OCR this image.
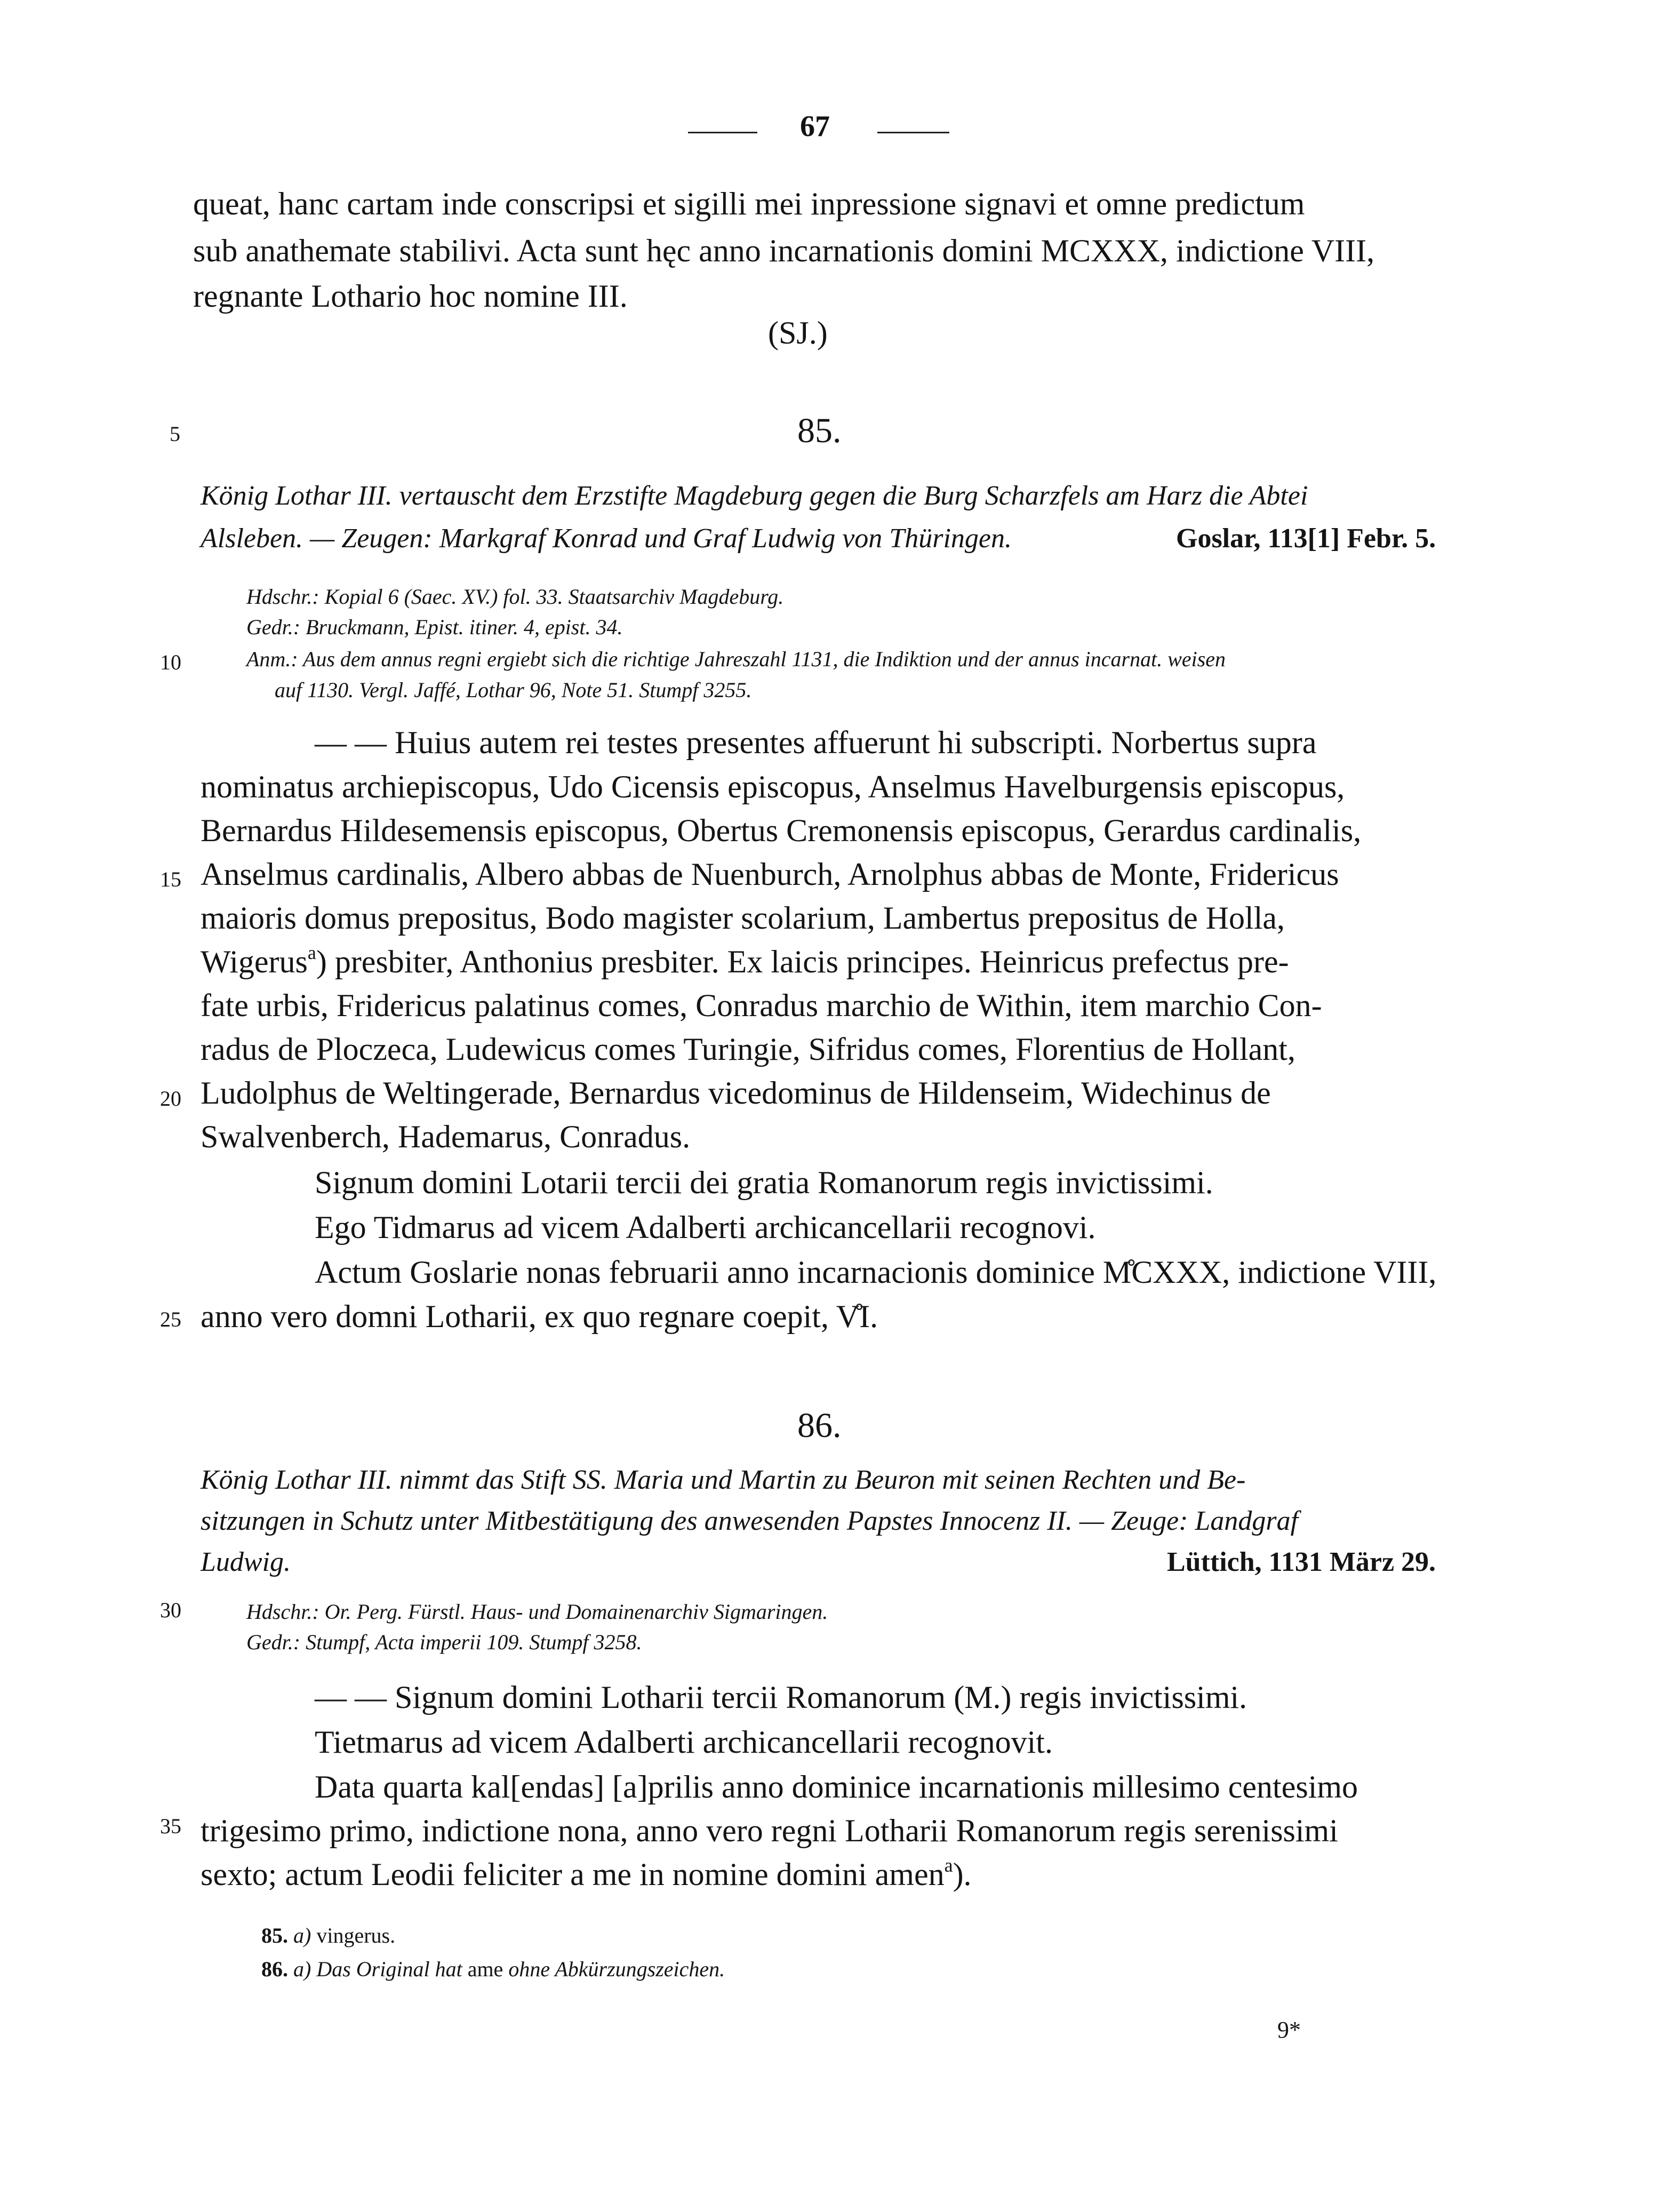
67
queat, hanc cartam inde conscripsi et sigilli mei inpressione signavi et omne predictum
sub anathemate stabilivi. Acta sunt hęc anno incarnationis domini MCXXX, indictione VIII,
regnante Lothario hoc nomine III.
(SJ.)
5
10
15
20
25
30
35
85.
König Lothar III. vertauscht dem Erzstifte Magdeburg gegen die Burg Scharzfels am Harz die Abtei
Alsleben. — Zeugen: Markgraf Konrad und Graf Ludwig von Thüringen.	Goslar, 113[1] Febr. 5.
Hdschr.: Kopial 6 (Saec. XV.) fol. 33. Staatsarchiv Magdeburg.
Gedr.: Bruckmann, Epist. itiner. 4, epist. 34.
Anm.: Aus dem annus regni ergiebt sich die richtige Jahreszahl 1131, die Indiktion und der annus incarnat. weisen
auf 1130. Vergl. Jaffé, Lothar 96, Note 51. Stumpf 3255.
— — Huius autem rei testes presentes affuerunt hi subscripti. Norbertus supra
nominatus archiepiscopus, Udo Cicensis episcopus, Anselmus Havelburgensis episcopus,
Bernardus Hildesemensis episcopus, Obertus Cremonensis episcopus, Gerardus cardinalis,
Anselmus cardinalis, Albero abbas de Nuenburch, Arnolphus abbas de Monte, Fridericus
maioris domus prepositus, Bodo magister scolarium, Lambertus prepositus de Holla,
Wigerus$^a$) presbiter, Anthonius presbiter. Ex laicis principes. Heinricus prefectus pre-
fate urbis, Fridericus palatinus comes, Conradus marchio de Within, item marchio Con-
radus de Ploczeca, Ludewicus comes Turingie, Sifridus comes, Florentius de Hollant,
Ludolphus de Weltingerade, Bernardus vicedominus de Hildenseim, Widechinus de
Swalvenberch, Hademarus, Conradus.
Signum domini Lotarii tercii dei gratia Romanorum regis invictissimi.
Ego Tidmarus ad vicem Adalberti archicancellarii recognovi.
Actum Goslarie nonas februarii anno incarnacionis dominice M̊CXXX, indictione VIII,
anno vero domni Lotharii, ex quo regnare coepit, V̊I.
86.
König Lothar III. nimmt das Stift SS. Maria und Martin zu Beuron mit seinen Rechten und Be-
sitzungen in Schutz unter Mitbestätigung des anwesenden Papstes Innocenz II. — Zeuge: Landgraf
Ludwig.	Lüttich, 1131 März 29.
Hdschr.: Or. Perg. Fürstl. Haus- und Domainenarchiv Sigmaringen.
Gedr.: Stumpf, Acta imperii 109. Stumpf 3258.
— — Signum domini Lotharii tercii Romanorum (M.) regis invictissimi.
Tietmarus ad vicem Adalberti archicancellarii recognovit.
Data quarta kal[endas] [a]prilis anno dominice incarnationis millesimo centesimo
trigesimo primo, indictione nona, anno vero regni Lotharii Romanorum regis serenissimi
sexto; actum Leodii feliciter a me in nomine domini amen$^a$).
85. a) vingerus.
86. a) Das Original hat ame ohne Abkürzungszeichen.
9*
